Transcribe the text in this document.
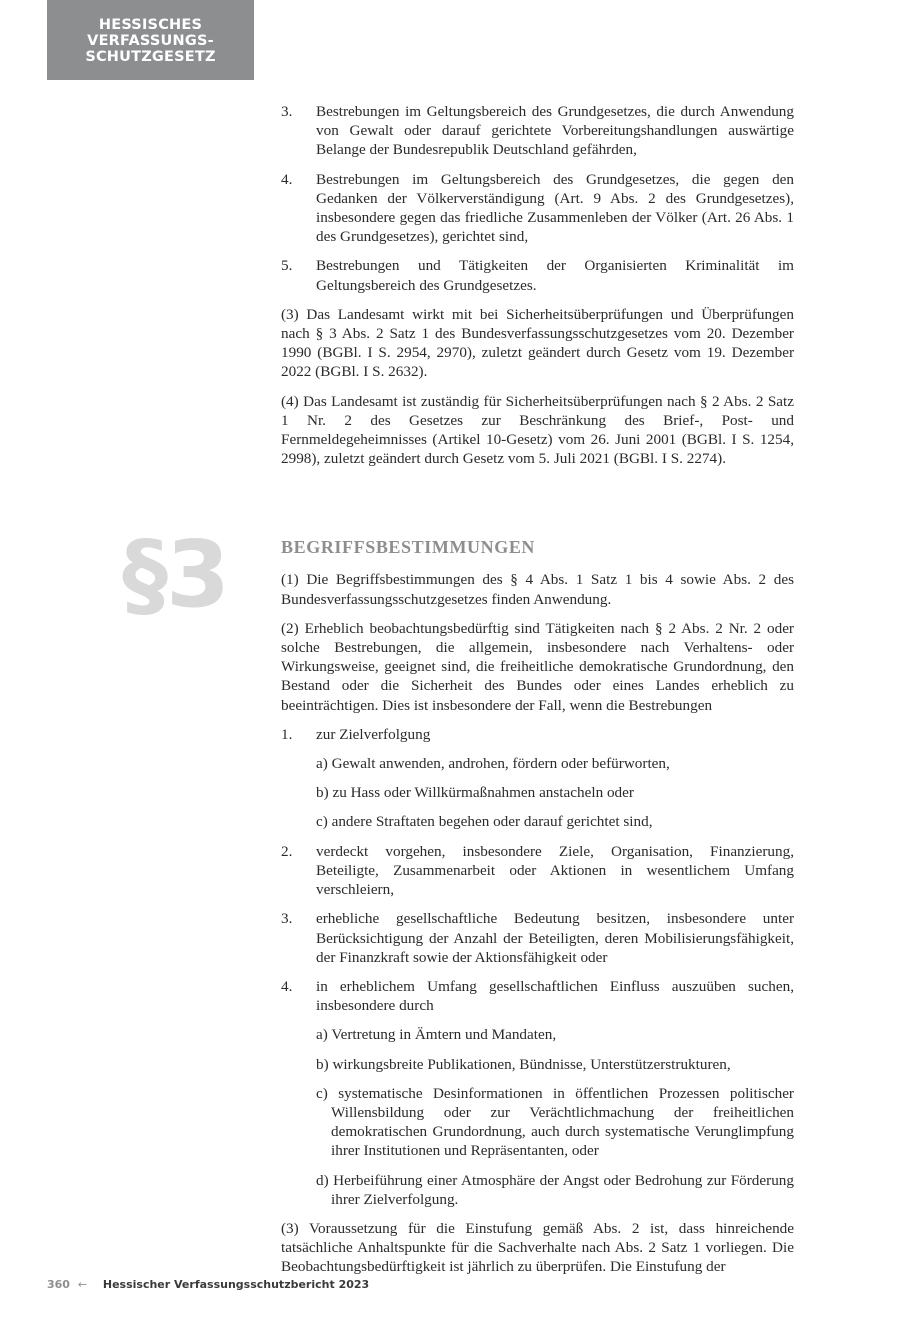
HESSISCHES
VERFASSUNGS-
SCHUTZGESETZ
§3
3.	Bestrebungen im Geltungsbereich des Grundgesetzes, die durch Anwendung von Gewalt oder darauf gerichtete Vorbereitungshandlungen auswärtige Belange der Bundesrepublik Deutschland gefährden,
4.	Bestrebungen im Geltungsbereich des Grundgesetzes, die gegen den Gedanken der Völkerverständigung (Art. 9 Abs. 2 des Grundgesetzes), insbesondere gegen das friedliche Zusammenleben der Völker (Art. 26 Abs. 1 des Grundgesetzes), gerichtet sind,
5.	Bestrebungen und Tätigkeiten der Organisierten Kriminalität im Geltungsbereich des Grundgesetzes.

(3) Das Landesamt wirkt mit bei Sicherheitsüberprüfungen und Überprüfungen nach § 3 Abs. 2 Satz 1 des Bundesverfassungsschutzgesetzes vom 20. Dezember 1990 (BGBl. I S. 2954, 2970), zuletzt geändert durch Gesetz vom 19. Dezember 2022 (BGBl. I S. 2632).

(4) Das Landesamt ist zuständig für Sicherheitsüberprüfungen nach § 2 Abs. 2 Satz 1 Nr. 2 des Gesetzes zur Beschränkung des Brief-, Post- und Fernmeldegeheimnisses (Artikel 10-Gesetz) vom 26. Juni 2001 (BGBl. I S. 1254, 2998), zuletzt geändert durch Gesetz vom 5. Juli 2021 (BGBl. I S. 2274).

BEGRIFFSBESTIMMUNGEN

(1) Die Begriffsbestimmungen des § 4 Abs. 1 Satz 1 bis 4 sowie Abs. 2 des Bundesverfassungsschutzgesetzes finden Anwendung.

(2) Erheblich beobachtungsbedürftig sind Tätigkeiten nach § 2 Abs. 2 Nr. 2 oder solche Bestrebungen, die allgemein, insbesondere nach Verhaltens- oder Wirkungsweise, geeignet sind, die freiheitliche demokratische Grundordnung, den Bestand oder die Sicherheit des Bundes oder eines Landes erheblich zu beeinträchtigen. Dies ist insbesondere der Fall, wenn die Bestrebungen

1.	zur Zielverfolgung
a) Gewalt anwenden, androhen, fördern oder befürworten,
b) zu Hass oder Willkürmaßnahmen anstacheln oder
c) andere Straftaten begehen oder darauf gerichtet sind,
2.	verdeckt vorgehen, insbesondere Ziele, Organisation, Finanzierung, Beteiligte, Zusammenarbeit oder Aktionen in wesentlichem Umfang verschleiern,
3.	erhebliche gesellschaftliche Bedeutung besitzen, insbesondere unter Berücksichtigung der Anzahl der Beteiligten, deren Mobilisierungsfähigkeit, der Finanzkraft sowie der Aktionsfähigkeit oder
4.	in erheblichem Umfang gesellschaftlichen Einfluss auszuüben suchen, insbesondere durch
a) Vertretung in Ämtern und Mandaten,
b) wirkungsbreite Publikationen, Bündnisse, Unterstützerstrukturen,
c) systematische Desinformationen in öffentlichen Prozessen politischer Willensbildung oder zur Verächtlichmachung der freiheitlichen demokratischen Grundordnung, auch durch systematische Verunglimpfung ihrer Institutionen und Repräsentanten, oder
d) Herbeiführung einer Atmosphäre der Angst oder Bedrohung zur Förderung ihrer Zielverfolgung.

(3) Voraussetzung für die Einstufung gemäß Abs. 2 ist, dass hinreichende tatsächliche Anhaltspunkte für die Sachverhalte nach Abs. 2 Satz 1 vorliegen. Die Beobachtungsbedürftigkeit ist jährlich zu überprüfen. Die Einstufung der

360 ← Hessischer Verfassungsschutzbericht 2023
